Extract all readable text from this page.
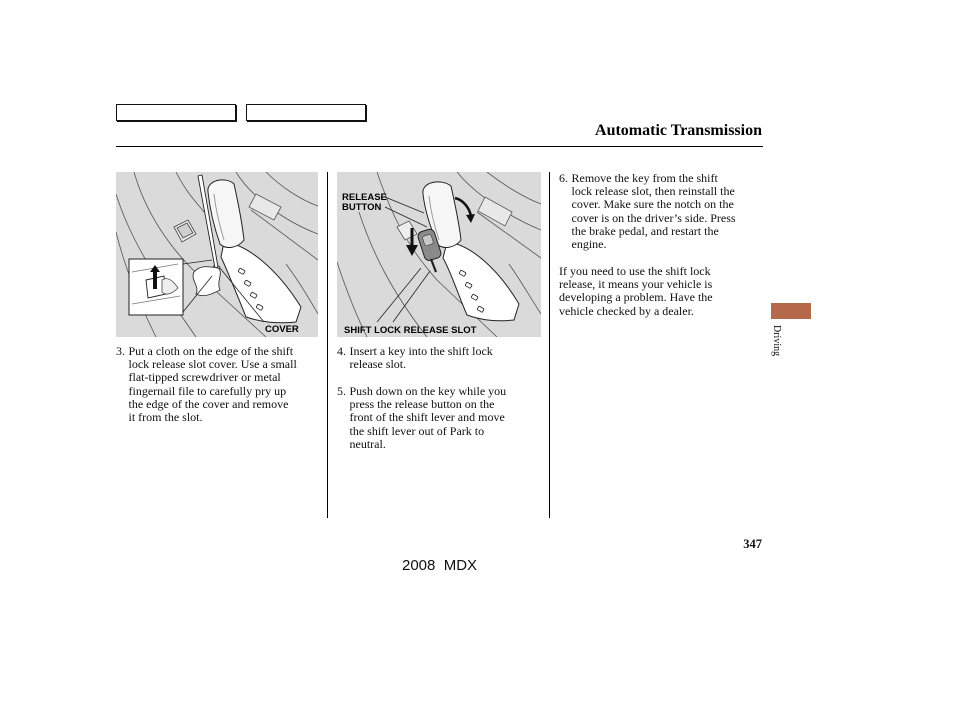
Automatic Transmission
COVER
RELEASE
BUTTON
SHIFT LOCK RELEASE SLOT
3. Put a cloth on the edge of the shift
lock release slot cover. Use a small
flat-tipped screwdriver or metal
fingernail file to carefully pry up
the edge of the cover and remove
it from the slot.
4. Insert a key into the shift lock
release slot.
5. Push down on the key while you
press the release button on the
front of the shift lever and move
the shift lever out of Park to
neutral.
6. Remove the key from the shift
lock release slot, then reinstall the
cover. Make sure the notch on the
cover is on the driver’s side. Press
the brake pedal, and restart the
engine.
If you need to use the shift lock
release, it means your vehicle is
developing a problem. Have the
vehicle checked by a dealer.
Driving
347
2008  MDX
